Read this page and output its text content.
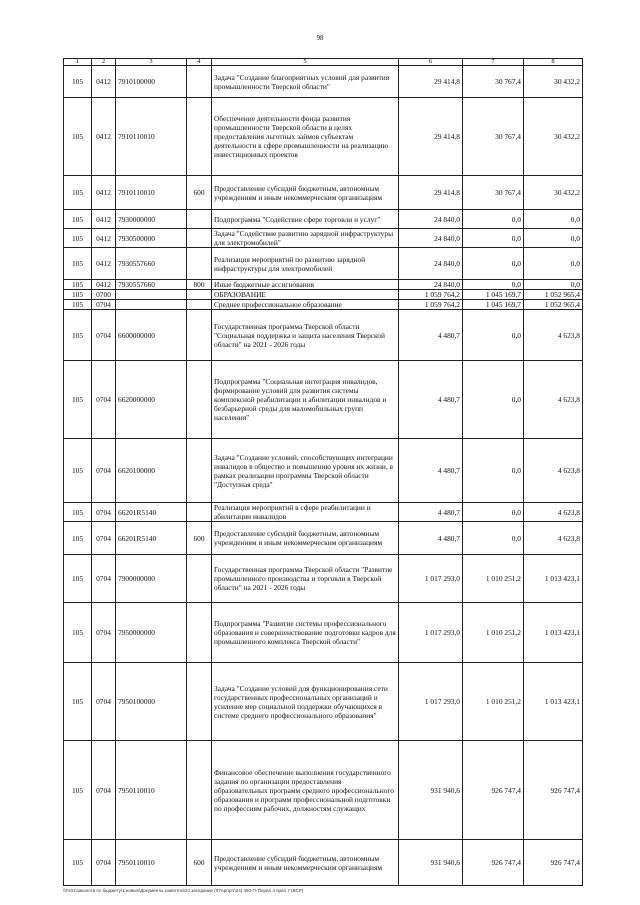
98
1	2	3	4	5	6	7	8
105	0412	7910100000		Задача "Создание благоприятных условий для развития промышленности Тверской области"	29 414,8	30 767,4	30 432,2
105	0412	7910110010		Обеспечение деятельности фонда развития промышленности Тверской области в целях предоставления льготных займов субъектам деятельности в сфере промышленности на реализацию инвестиционных проектов	29 414,8	30 767,4	30 432,2
105	0412	7910110010	600	Предоставление субсидий бюджетным, автономным учреждениям и иным некоммерческим организациям	29 414,8	30 767,4	30 432,2
105	0412	7930000000		Подпрограмма "Содействие сфере торговли и услуг"	24 840,0	0,0	0,0
105	0412	7930500000		Задача "Содействие развитию зарядной инфраструктуры для электромобилей"	24 840,0	0,0	0,0
105	0412	7930557660		Реализация мероприятий по развитию зарядной инфраструктуры для электромобилей	24 840,0	0,0	0,0
105	0412	7930557660	800	Иные бюджетные ассигнования	24 840,0	0,0	0,0
105	0700			ОБРАЗОВАНИЕ	1 059 764,2	1 045 169,7	1 052 965,4
105	0704			Среднее профессиональное образование	1 059 764,2	1 045 169,7	1 052 965,4
105	0704	6600000000		Государственная программа Тверской области "Социальная поддержка и защита населения Тверской области" на 2021 - 2026 годы	4 480,7	0,0	4 623,8
105	0704	6620000000		Подпрограмма "Социальная интеграция инвалидов, формирование условий для развития системы комплексной реабилитации и абилитации инвалидов и безбарьерной среды для маломобильных групп населения"	4 480,7	0,0	4 623,8
105	0704	6620100000		Задача "Создание условий, способствующих интеграции инвалидов в общество и повышению уровня их жизни, в рамках реализации программы Тверской области "Доступная среда"	4 480,7	0,0	4 623,8
105	0704	66201R5140		Реализация мероприятий в сфере реабилитации и абилитации инвалидов	4 480,7	0,0	4 623,8
105	0704	66201R5140	600	Предоставление субсидий бюджетным, автономным учреждениям и иным некоммерческим организациям	4 480,7	0,0	4 623,8
105	0704	7900000000		Государственная программа Тверской области "Развитие промышленного производства и торговли в Тверской области" на 2021 - 2026 годы	1 017 293,0	1 010 251,2	1 013 423,1
105	0704	7950000000		Подпрограмма "Развитие системы профессионального образования и совершенствование подготовки кадров для промышленного комплекса Тверской области"	1 017 293,0	1 010 251,2	1 013 423,1
105	0704	7950100000		Задача "Создание условий для функционирования сети государственных профессиональных организаций и усиление мер социальной поддержки обучающихся в системе среднего профессионального образования"	1 017 293,0	1 010 251,2	1 013 423,1
105	0704	7950110010		Финансовое обеспечение выполнения государственного задания по организации предоставления образовательных программ среднего профессионального образования и программ профессиональной подготовки по профессиям рабочих, должностям служащих	931 940,6	926 747,4	926 747,4
105	0704	7950110010	600	Предоставление субсидий бюджетным, автономным учреждениям и иным некоммерческим организациям	931 940,6	926 747,4	926 747,4
\\Fs01\законотв по бюджету\1 новые\Документы комитета\24 заседание (07Apr\prr\24) 460-П-7\прил 4 прил 7 (ВСР)
